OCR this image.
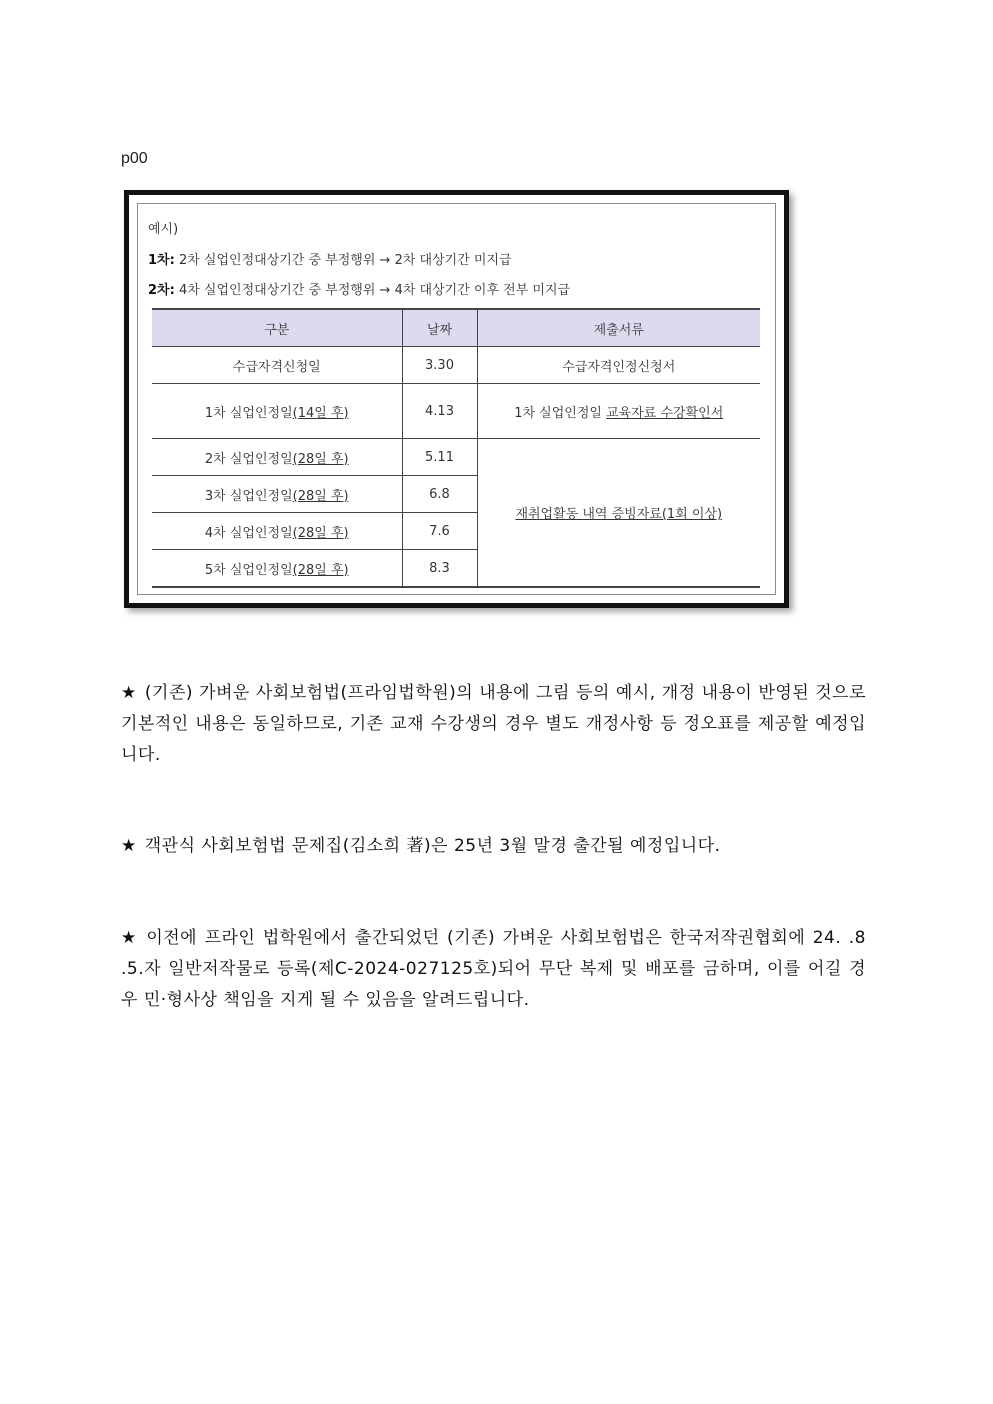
p00
예시)
1차: 2차 실업인정대상기간 중 부정행위 → 2차 대상기간 미지급
2차: 4차 실업인정대상기간 중 부정행위 → 4차 대상기간 이후 전부 미지급
구분	날짜	제출서류
수급자격신청일	3.30	수급자격인정신청서
1차 실업인정일(14일 후)	4.13	1차 실업인정일 교육자료 수강확인서
2차 실업인정일(28일 후)	5.11	재취업활동 내역 증빙자료(1회 이상)
3차 실업인정일(28일 후)	6.8	
4차 실업인정일(28일 후)	7.6	
5차 실업인정일(28일 후)	8.3	
★ (기존) 가벼운 사회보험법(프라임법학원)의 내용에 그림 등의 예시, 개정 내용이 반영된 것으로 기본적인 내용은 동일하므로, 기존 교재 수강생의 경우 별도 개정사항 등 정오표를 제공할 예정입니다.
★ 객관식 사회보험법 문제집(김소희 著)은 25년 3월 말경 출간될 예정입니다.
★ 이전에 프라인 법학원에서 출간되었던 (기존) 가벼운 사회보험법은 한국저작권협회에 24. .8 .5.자 일반저작물로 등록(제C-2024-027125호)되어 무단 복제 및 배포를 금하며, 이를 어길 경우 민·형사상 책임을 지게 될 수 있음을 알려드립니다.
